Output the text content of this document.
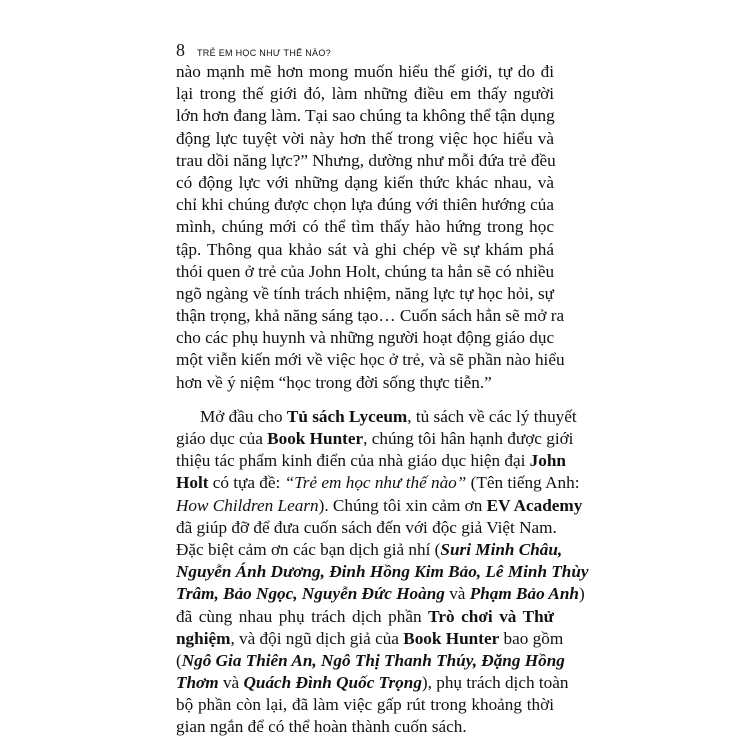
8 TRẺ EM HỌC NHƯ THẾ NÀO?
nào mạnh mẽ hơn mong muốn hiểu thế giới, tự do đi
lại trong thế giới đó, làm những điều em thấy người
lớn hơn đang làm. Tại sao chúng ta không thể tận dụng
động lực tuyệt vời này hơn thế trong việc học hiểu và
trau dồi năng lực?” Nhưng, dường như mỗi đứa trẻ đều
có động lực với những dạng kiến thức khác nhau, và
chỉ khi chúng được chọn lựa đúng với thiên hướng của
mình, chúng mới có thể tìm thấy hào hứng trong học
tập. Thông qua khảo sát và ghi chép về sự khám phá
thói quen ở trẻ của John Holt, chúng ta hẳn sẽ có nhiều
ngõ ngàng về tính trách nhiệm, năng lực tự học hỏi, sự
thận trọng, khả năng sáng tạo… Cuốn sách hẳn sẽ mở ra
cho các phụ huynh và những người hoạt động giáo dục
một viễn kiến mới về việc học ở trẻ, và sẽ phần nào hiểu
hơn về ý niệm “học trong đời sống thực tiễn.”
Mở đầu cho Tủ sách Lyceum, tủ sách về các lý thuyết
giáo dục của Book Hunter, chúng tôi hân hạnh được giới
thiệu tác phẩm kinh điển của nhà giáo dục hiện đại John
Holt có tựa đề: “Trẻ em học như thế nào” (Tên tiếng Anh:
How Children Learn). Chúng tôi xin cảm ơn EV Academy
đã giúp đỡ để đưa cuốn sách đến với độc giả Việt Nam.
Đặc biệt cảm ơn các bạn dịch giả nhí (Suri Minh Châu,
Nguyễn Ánh Dương, Đinh Hồng Kim Bảo, Lê Minh Thùy
Trâm, Bảo Ngọc, Nguyễn Đức Hoàng và Phạm Bảo Anh)
đã cùng nhau phụ trách dịch phần Trò chơi và Thử
nghiệm, và đội ngũ dịch giả của Book Hunter bao gồm
(Ngô Gia Thiên An, Ngô Thị Thanh Thúy, Đặng Hồng
Thơm và Quách Đình Quốc Trọng), phụ trách dịch toàn
bộ phần còn lại, đã làm việc gấp rút trong khoảng thời
gian ngắn để có thể hoàn thành cuốn sách.
